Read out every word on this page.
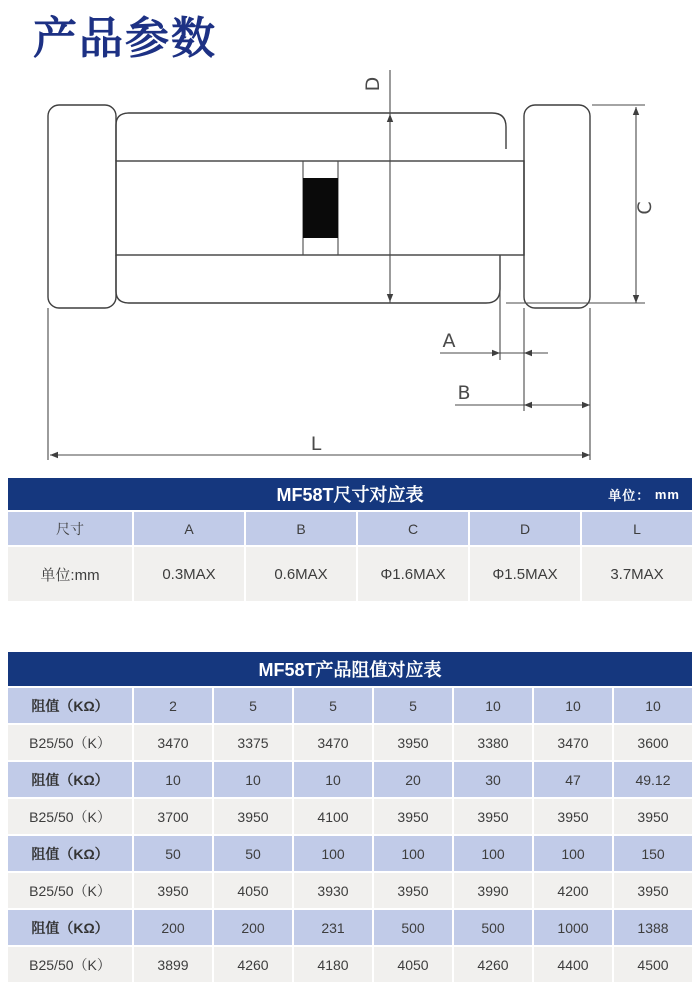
产品参数
D
C
A
B
L
MF58T尺寸对应表	单位：
mm
尺寸	A	B	C	D	L
单位:mm	0.3MAX	0.6MAX	Φ1.6MAX	Φ1.5MAX	3.7MAX
MF58T产品阻值对应表
阻值（KΩ）	2	5	5	5	10	10	10
B25/50（K）	3470	3375	3470	3950	3380	3470	3600
阻值（KΩ）	10	10	10	20	30	47	49.12
B25/50（K）	3700	3950	4100	3950	3950	3950	3950
阻值（KΩ）	50	50	100	100	100	100	150
B25/50（K）	3950	4050	3930	3950	3990	4200	3950
阻值（KΩ）	200	200	231	500	500	1000	1388
B25/50（K）	3899	4260	4180	4050	4260	4400	4500
